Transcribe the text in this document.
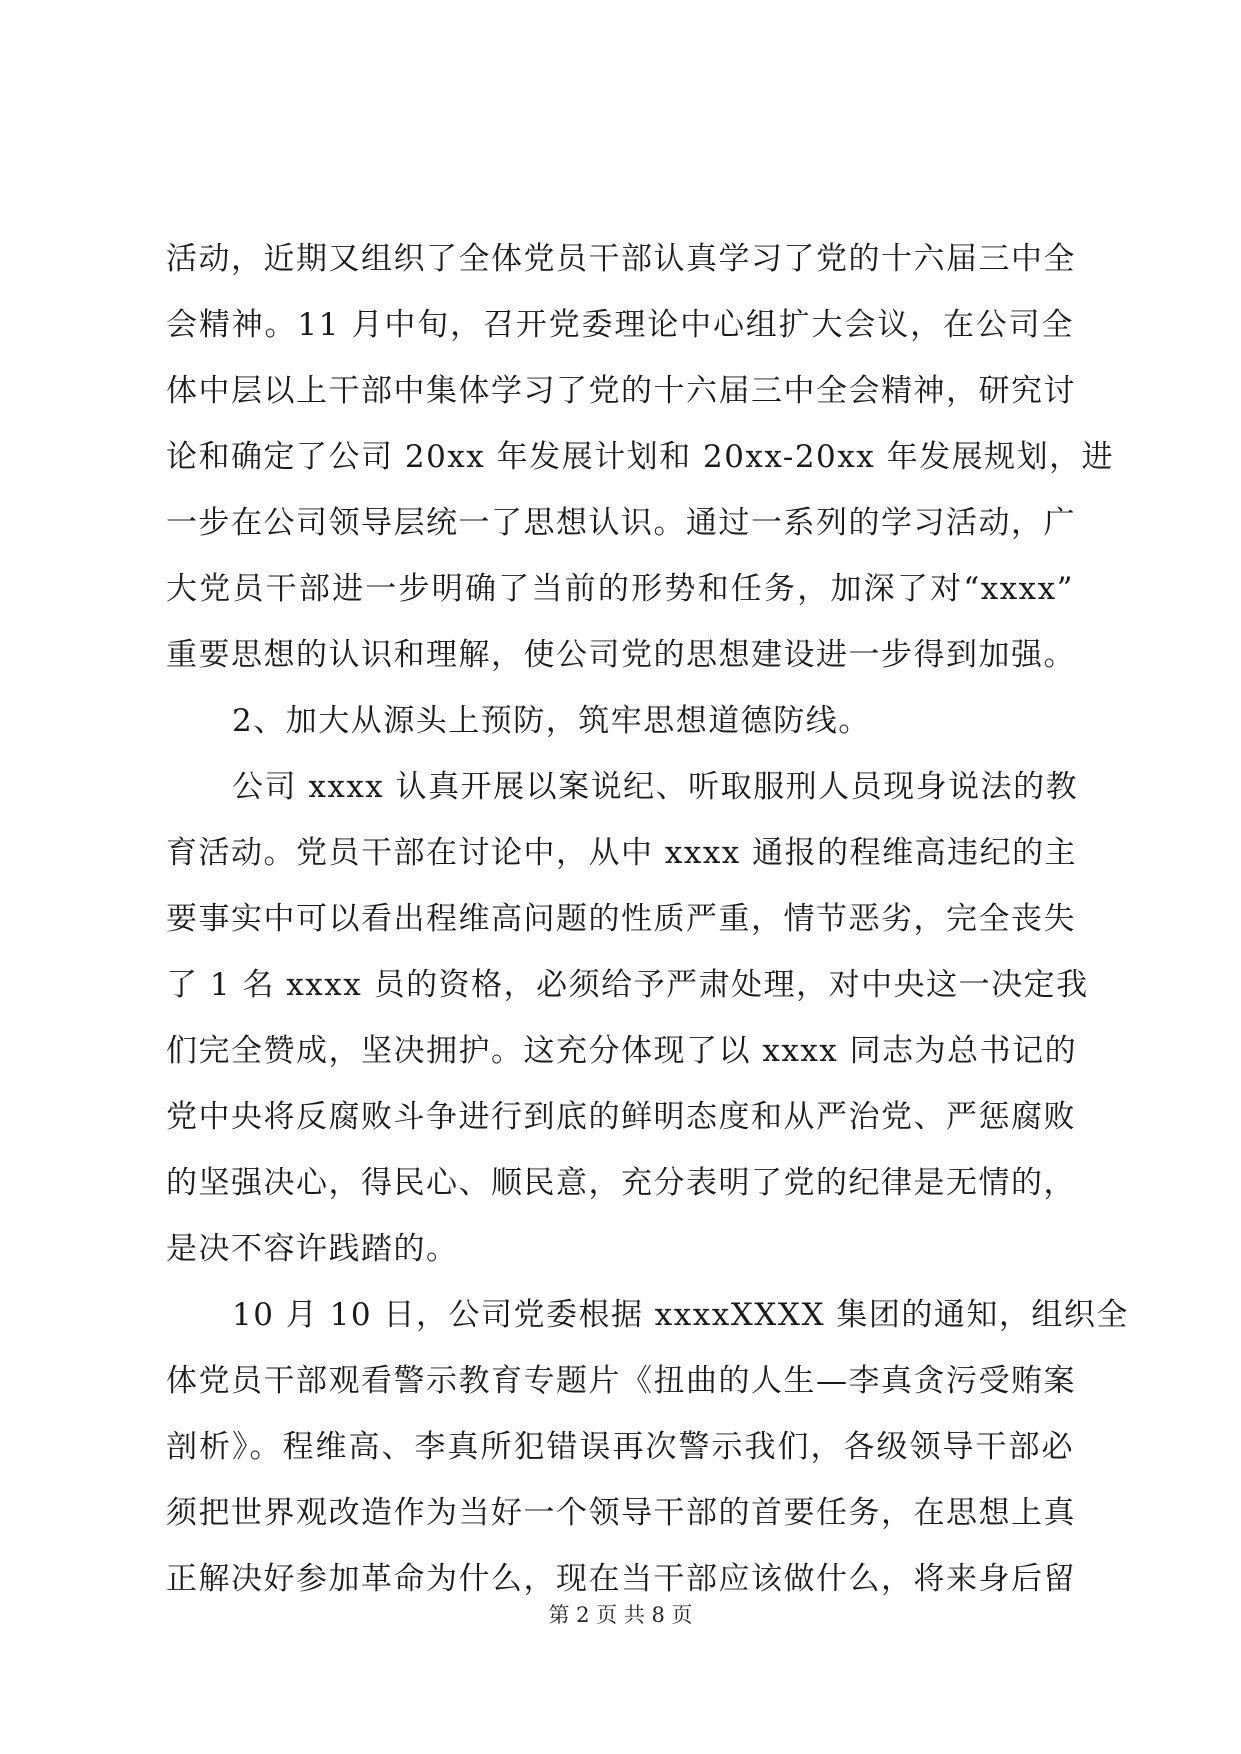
活动，近期又组织了全体党员干部认真学习了党的十六届三中全
会精神。11 月中旬，召开党委理论中心组扩大会议，在公司全
体中层以上干部中集体学习了党的十六届三中全会精神，研究讨
论和确定了公司 20xx 年发展计划和 20xx-20xx 年发展规划，进
一步在公司领导层统一了思想认识。通过一系列的学习活动，广
大党员干部进一步明确了当前的形势和任务，加深了对“xxxx”
重要思想的认识和理解，使公司党的思想建设进一步得到加强。
2、加大从源头上预防，筑牢思想道德防线。
公司 xxxx 认真开展以案说纪、听取服刑人员现身说法的教
育活动。党员干部在讨论中，从中 xxxx 通报的程维高违纪的主
要事实中可以看出程维高问题的性质严重，情节恶劣，完全丧失
了 1 名 xxxx 员的资格，必须给予严肃处理，对中央这一决定我
们完全赞成，坚决拥护。这充分体现了以 xxxx 同志为总书记的
党中央将反腐败斗争进行到底的鲜明态度和从严治党、严惩腐败
的坚强决心，得民心、顺民意，充分表明了党的纪律是无情的，
是决不容许践踏的。
10 月 10 日，公司党委根据 xxxxXXXX 集团的通知，组织全
体党员干部观看警示教育专题片《扭曲的人生—李真贪污受贿案
剖析》。程维高、李真所犯错误再次警示我们，各级领导干部必
须把世界观改造作为当好一个领导干部的首要任务，在思想上真
正解决好参加革命为什么，现在当干部应该做什么，将来身后留
第 2 页 共 8 页
